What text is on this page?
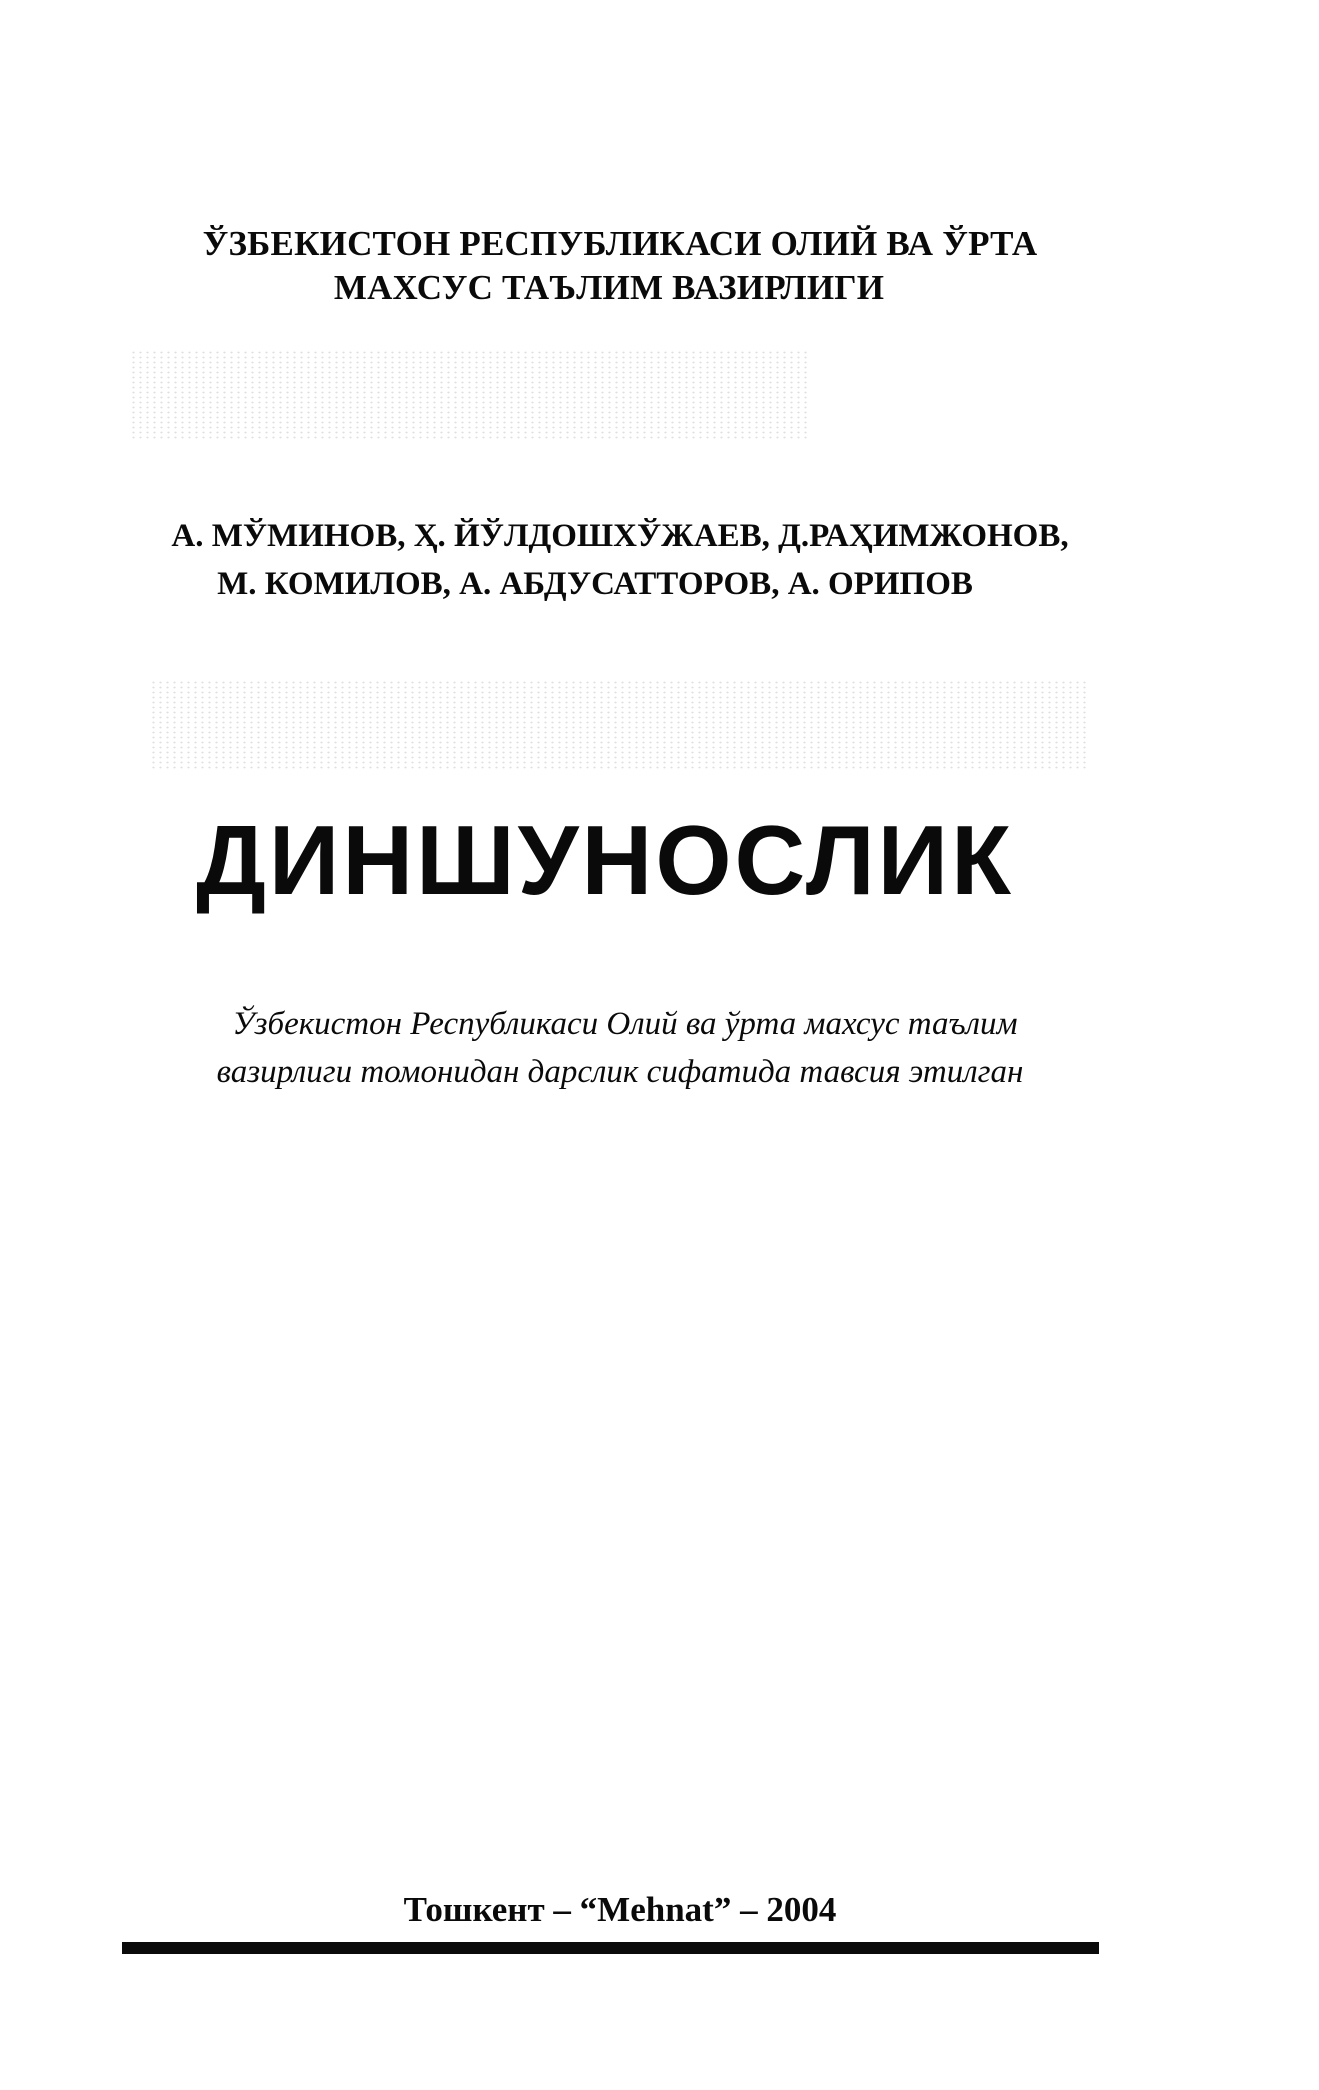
ЎЗБЕКИСТОН РЕСПУБЛИКАСИ ОЛИЙ ВА ЎРТА
МАХСУС ТАЪЛИМ ВАЗИРЛИГИ
А. МЎМИНОВ, Ҳ. ЙЎЛДОШХЎЖАЕВ, Д.РАҲИМЖОНОВ,
М. КОМИЛОВ, А. АБДУСАТТОРОВ, А. ОРИПОВ
ДИНШУНОСЛИК
Ўзбекистон Республикаси Олий ва ўрта махсус таълим
вазирлиги томонидан дарслик сифатида тавсия этилган
Тошкент – “Mehnat” – 2004
